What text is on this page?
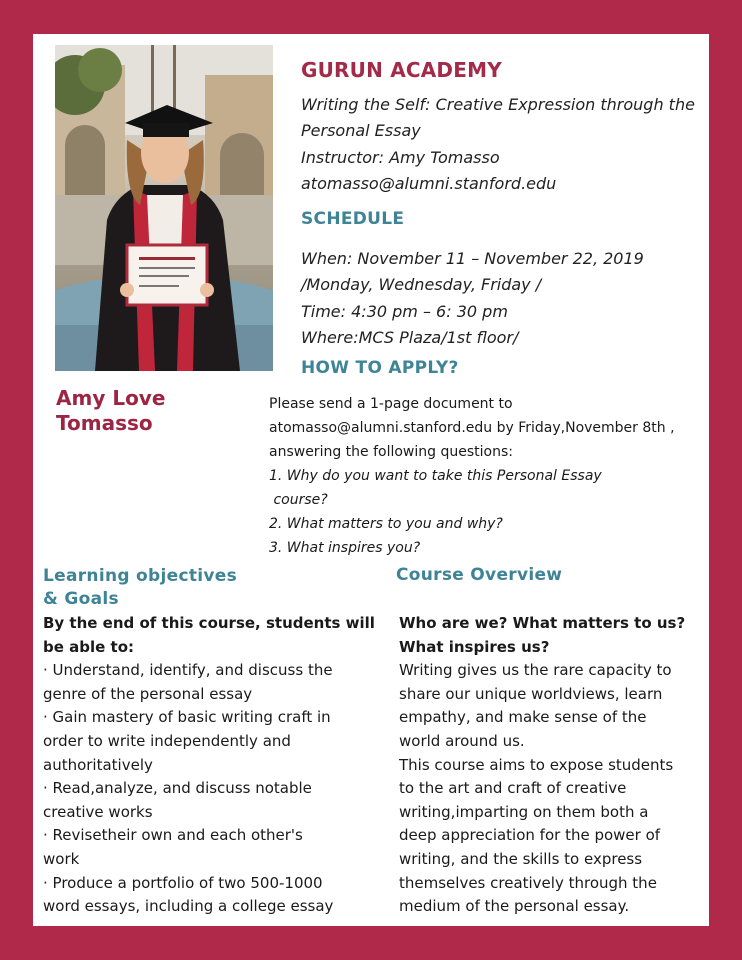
Amy Love
Tomasso
GURUN ACADEMY
Writing the Self: Creative Expression through the
Personal Essay
Instructor: Amy Tomasso
atomasso@alumni.stanford.edu
SCHEDULE
When: November 11 – November 22, 2019
/Monday, Wednesday, Friday /
Time: 4:30 pm – 6: 30 pm
Where:MCS Plaza/1st floor/
HOW TO APPLY?
Please send a 1-page document to
atomasso@alumni.stanford.edu by Friday,November 8th ,
answering the following questions:
1. Why do you want to take this Personal Essay
course?
2. What matters to you and why?
3. What inspires you?
Learning objectives
& Goals
Course Overview
By the end of this course, students will
be able to:
· Understand, identify, and discuss the
genre of the personal essay
· Gain mastery of basic writing craft in
order to write independently and
authoritatively
· Read,analyze, and discuss notable
creative works
· Revisetheir own and each other's
work
· Produce a portfolio of two 500-1000
word essays, including a college essay
Who are we? What matters to us?
What inspires us?
Writing gives us the rare capacity to
share our unique worldviews, learn
empathy, and make sense of the
world around us.
This course aims to expose students
to the art and craft of creative
writing,imparting on them both a
deep appreciation for the power of
writing, and the skills to express
themselves creatively through the
medium of the personal essay.
